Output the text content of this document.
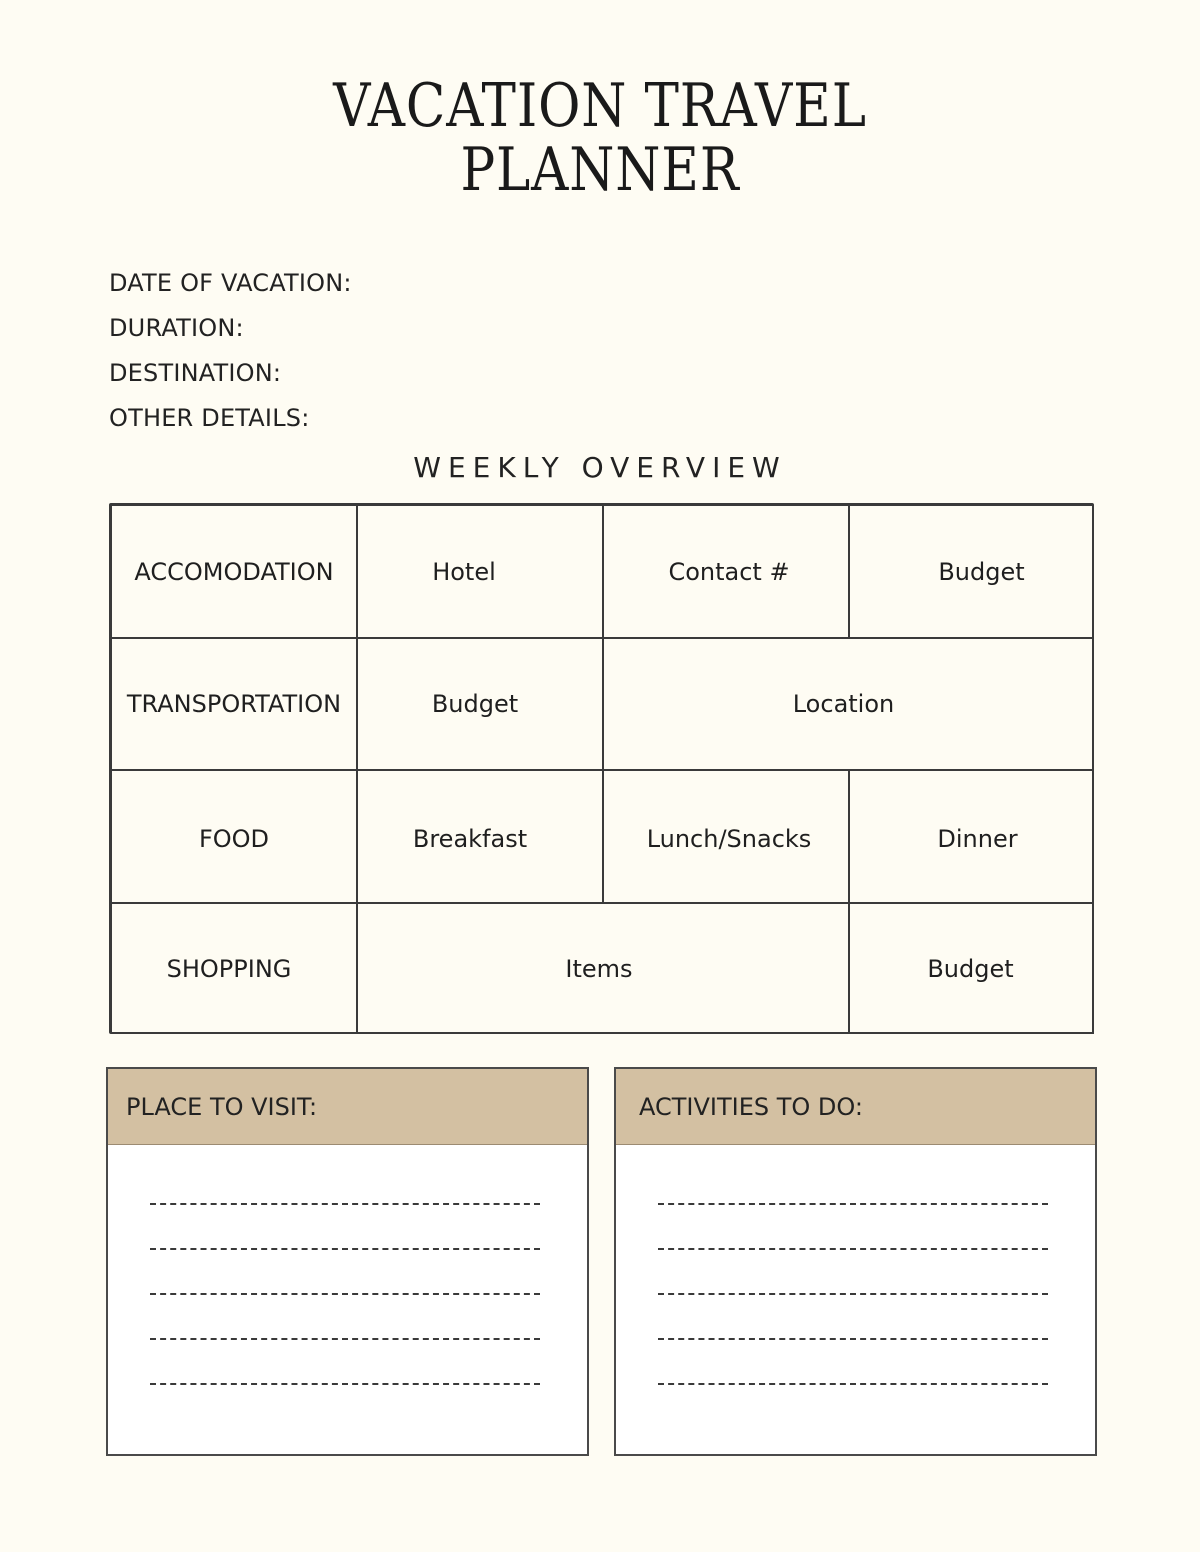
VACATION TRAVEL
PLANNER
DATE OF VACATION:
DURATION:
DESTINATION:
OTHER DETAILS:
WEEKLY OVERVIEW
ACCOMODATION	Hotel	Contact #	Budget
TRANSPORTATION	Budget	Location
FOOD	Breakfast	Lunch/Snacks	Dinner
SHOPPING	Items	Budget
PLACE TO VISIT:	ACTIVITIES TO DO:
